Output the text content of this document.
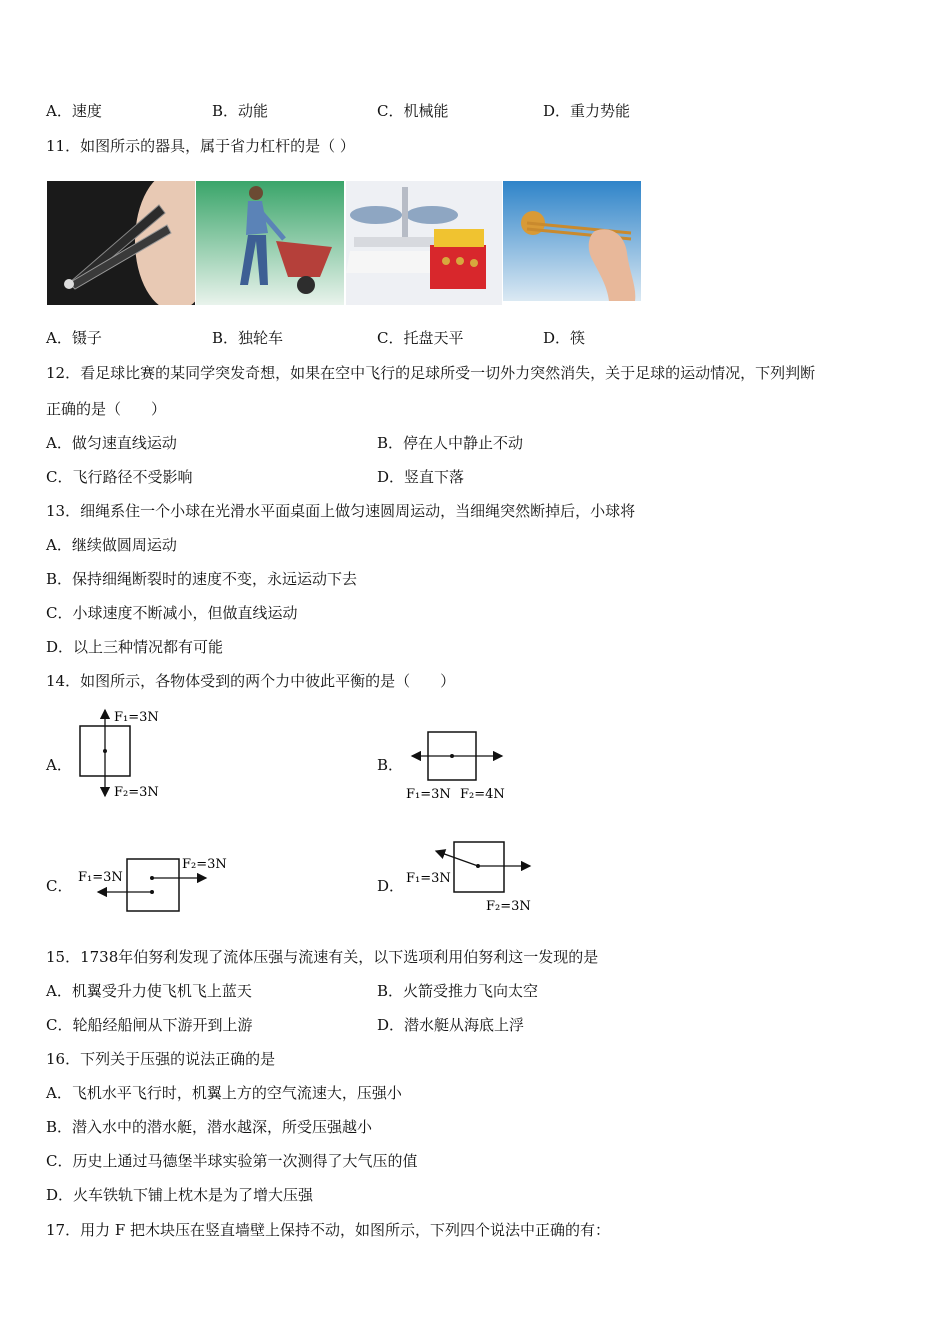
A．速度	B．动能	C．机械能	D．重力势能
11．如图所示的器具，属于省力杠杆的是（ ）
A．镊子	B．独轮车	C．托盘天平	D．筷
12．看足球比赛的某同学突发奇想，如果在空中飞行的足球所受一切外力突然消失，关于足球的运动情况，下列判断
正确的是（　　）
A．做匀速直线运动	B．停在人中静止不动
C．飞行路径不受影响	D．竖直下落
13．细绳系住一个小球在光滑水平面桌面上做匀速圆周运动，当细绳突然断掉后，小球将
A．继续做圆周运动
B．保持细绳断裂时的速度不变，永远运动下去
C．小球速度不断减小，但做直线运动
D．以上三种情况都有可能
14．如图所示，各物体受到的两个力中彼此平衡的是（　　）
A．
F₁=3N
F₂=3N
B．
F₁=3N F₂=4N
C． F₁=3N
F₂=3N
D． F₁=3N
F₂=3N
15．1738年伯努利发现了流体压强与流速有关，以下选项利用伯努利这一发现的是
A．机翼受升力使飞机飞上蓝天	B．火箭受推力飞向太空
C．轮船经船闸从下游开到上游	D．潜水艇从海底上浮
16．下列关于压强的说法正确的是
A．飞机水平飞行时，机翼上方的空气流速大，压强小
B．潜入水中的潜水艇，潜水越深，所受压强越小
C．历史上通过马德堡半球实验第一次测得了大气压的值
D．火车铁轨下铺上枕木是为了增大压强
17．用力 F 把木块压在竖直墙壁上保持不动，如图所示，下列四个说法中正确的有：
